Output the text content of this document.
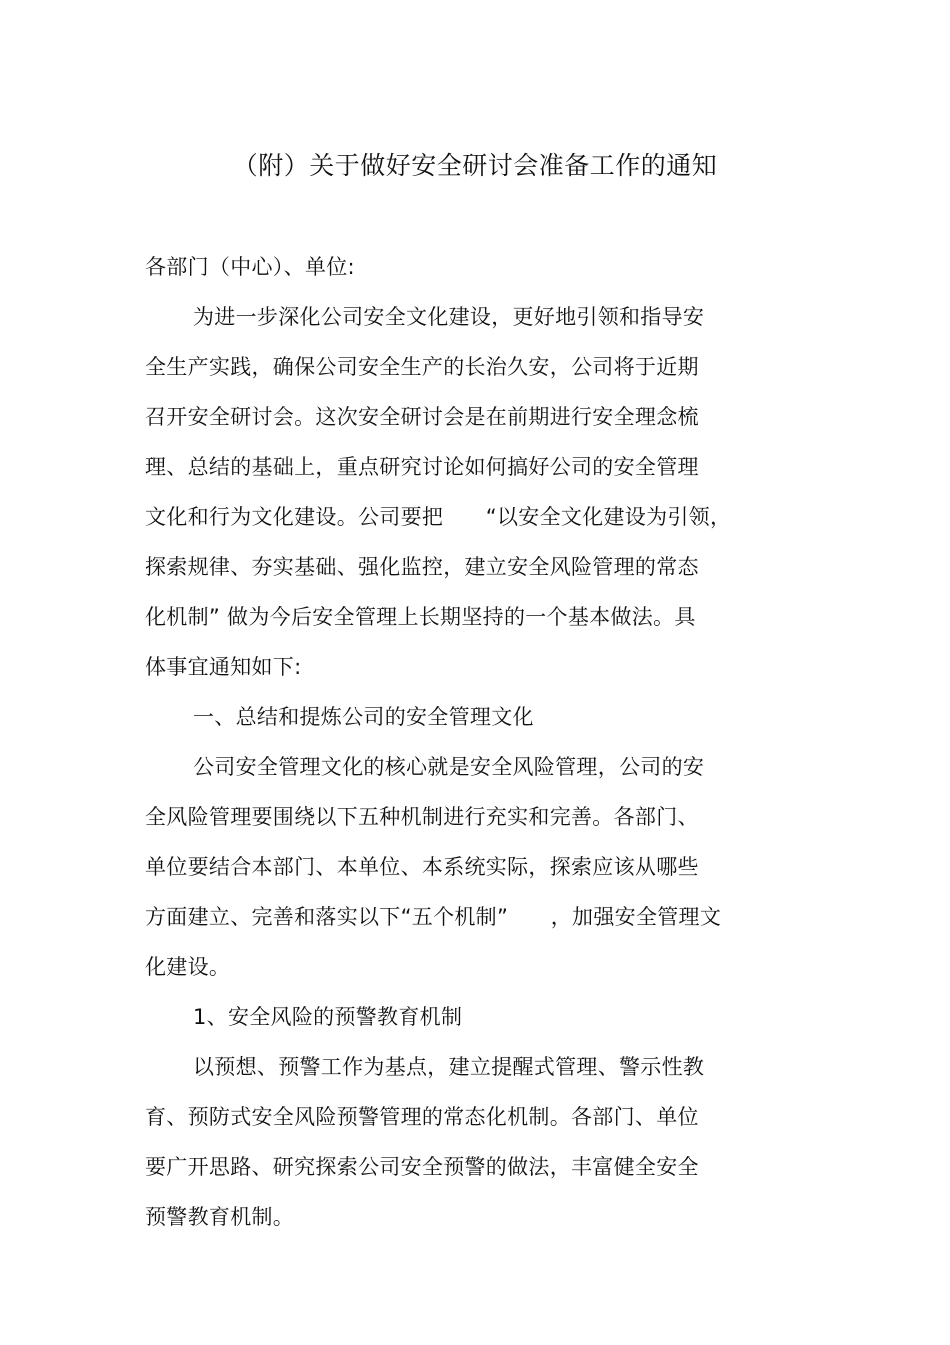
（附）关于做好安全研讨会准备工作的通知
各部门（中心）、单位:
为进一步深化公司安全文化建设，更好地引领和指导安
全生产实践，确保公司安全生产的长治久安，公司将于近期
召开安全研讨会。这次安全研讨会是在前期进行安全理念梳
理、总结的基础上，重点研究讨论如何搞好公司的安全管理
文化和行为文化建设。公司要把　　“以安全文化建设为引领，
探索规律、夯实基础、强化监控，建立安全风险管理的常态
化机制” 做为今后安全管理上长期坚持的一个基本做法。具
体事宜通知如下:
一、总结和提炼公司的安全管理文化
公司安全管理文化的核心就是安全风险管理，公司的安
全风险管理要围绕以下五种机制进行充实和完善。各部门、
单位要结合本部门、本单位、本系统实际，探索应该从哪些
方面建立、完善和落实以下“五个机制”　　，加强安全管理文
化建设。
1、安全风险的预警教育机制
以预想、预警工作为基点，建立提醒式管理、警示性教
育、预防式安全风险预警管理的常态化机制。各部门、单位
要广开思路、研究探索公司安全预警的做法，丰富健全安全
预警教育机制。
